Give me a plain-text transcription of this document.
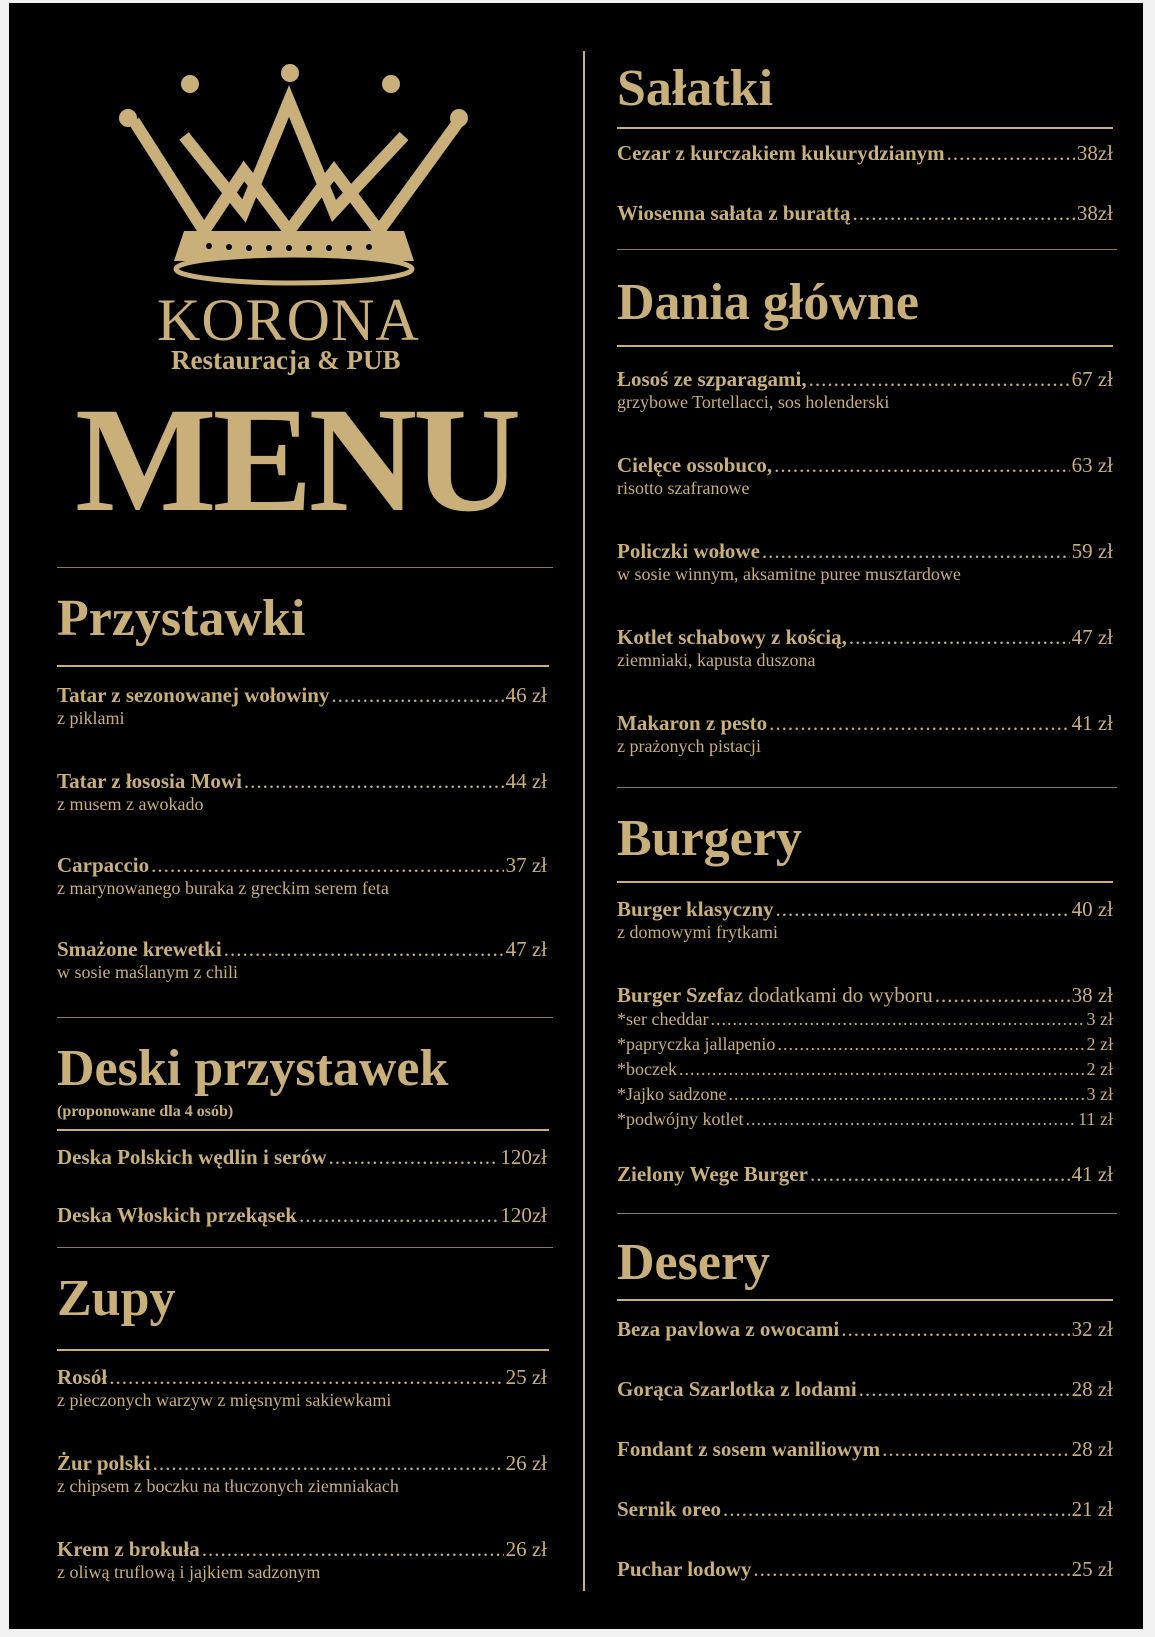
KORONA
Restauracja & PUB
MENU
Przystawki
Tatar z sezonowanej wołowiny .....	46 zł
z piklami
Tatar z łososia Mowi .....	44 zł
z musem z awokado
Carpaccio .....	37 zł
z marynowanego buraka z greckim serem feta
Smażone krewetki .....	47 zł
w sosie maślanym z chili
Deski przystawek
(proponowane dla 4 osób)
Deska Polskich wędlin i serów .....	120zł
Deska Włoskich przekąsek .....	120zł
Zupy
Rosół .....	25 zł
z pieczonych warzyw z mięsnymi sakiewkami
Żur polski .....	26 zł
z chipsem z boczku na tłuczonych ziemniakach
Krem z brokuła .....	26 zł
z oliwą truflową i jajkiem sadzonym
Sałatki
Cezar z kurczakiem kukurydzianym .....	38zł
Wiosenna sałata z burattą .....	38zł
Dania główne
Łosoś ze szparagami, .....	67 zł
grzybowe Tortellacci, sos holenderski
Cielęce ossobuco, .....	63 zł
risotto szafranowe
Policzki wołowe .....	59 zł
w sosie winnym, aksamitne puree musztardowe
Kotlet schabowy z kością, .....	47 zł
ziemniaki, kapusta duszona
Makaron z pesto .....	41 zł
z prażonych pistacji
Burgery
Burger klasyczny .....	40 zł
z domowymi frytkami
Burger Szefa z dodatkami do wyboru .....	38 zł
*ser cheddar .....	3 zł
*papryczka jallapenio .....	2 zł
*boczek .....	2 zł
*Jajko sadzone .....	3 zł
*podwójny kotlet .....	11 zł
Zielony Wege Burger .....	41 zł
Desery
Beza pavlowa z owocami .....	32 zł
Gorąca Szarlotka z lodami .....	28 zł
Fondant z sosem waniliowym .....	28 zł
Sernik oreo .....	21 zł
Puchar lodowy .....	25 zł
